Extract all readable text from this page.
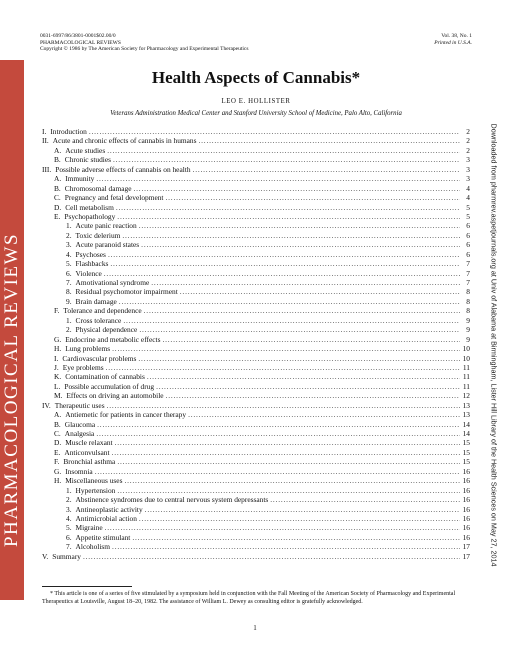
PHARMACOLOGICAL REVIEWS
0031-6997/86/3801-0001$02.00/0
PHARMACOLOGICAL REVIEWS
Copyright © 1986 by The American Society for Pharmacology and Experimental Therapeutics
Vol. 38, No. 1
Printed in U.S.A.
Health Aspects of Cannabis*
LEO E. HOLLISTER
Veterans Administration Medical Center and Stanford University School of Medicine, Palo Alto, California
I. Introduction .....	2
II. Acute and chronic effects of cannabis in humans .....	2
A. Acute studies .....	2
B. Chronic studies .....	3
III. Possible adverse effects of cannabis on health .....	3
A. Immunity .....	3
B. Chromosomal damage .....	4
C. Pregnancy and fetal development .....	4
D. Cell metabolism .....	5
E. Psychopathology .....	5
1. Acute panic reaction .....	6
2. Toxic delerium .....	6
3. Acute paranoid states .....	6
4. Psychoses .....	6
5. Flashbacks .....	7
6. Violence .....	7
7. Amotivational syndrome .....	7
8. Residual psychomotor impairment .....	8
9. Brain damage .....	8
F. Tolerance and dependence .....	8
1. Cross tolerance .....	9
2. Physical dependence .....	9
G. Endocrine and metabolic effects .....	9
H. Lung problems .....	10
I. Cardiovascular problems .....	10
J. Eye problems .....	11
K. Contamination of cannabis .....	11
L. Possible accumulation of drug .....	11
M. Effects on driving an automobile .....	12
IV. Therapeutic uses .....	13
A. Antiemetic for patients in cancer therapy .....	13
B. Glaucoma .....	14
C. Analgesia .....	14
D. Muscle relaxant .....	15
E. Anticonvulsant .....	15
F. Bronchial asthma .....	15
G. Insomnia .....	16
H. Miscellaneous uses .....	16
1. Hypertension .....	16
2. Abstinence syndromes due to central nervous system depressants .....	16
3. Antineoplastic activity .....	16
4. Antimicrobial action .....	16
5. Migraine .....	16
6. Appetite stimulant .....	16
7. Alcoholism .....	17
V. Summary .....	17
* This article is one of a series of five stimulated by a symposium held in conjunction with the Fall Meeting of the American Society of Pharmacology and Experimental Therapeutics at Louisville, August 18–20, 1982. The assistance of William L. Dewey as consulting editor is gratefully acknowledged.
1
Downloaded from pharmrev.aspetjournals.org at Univ of Alabama at Birmingham, Lister Hill Library of the Health Sciences on May 27, 2014
